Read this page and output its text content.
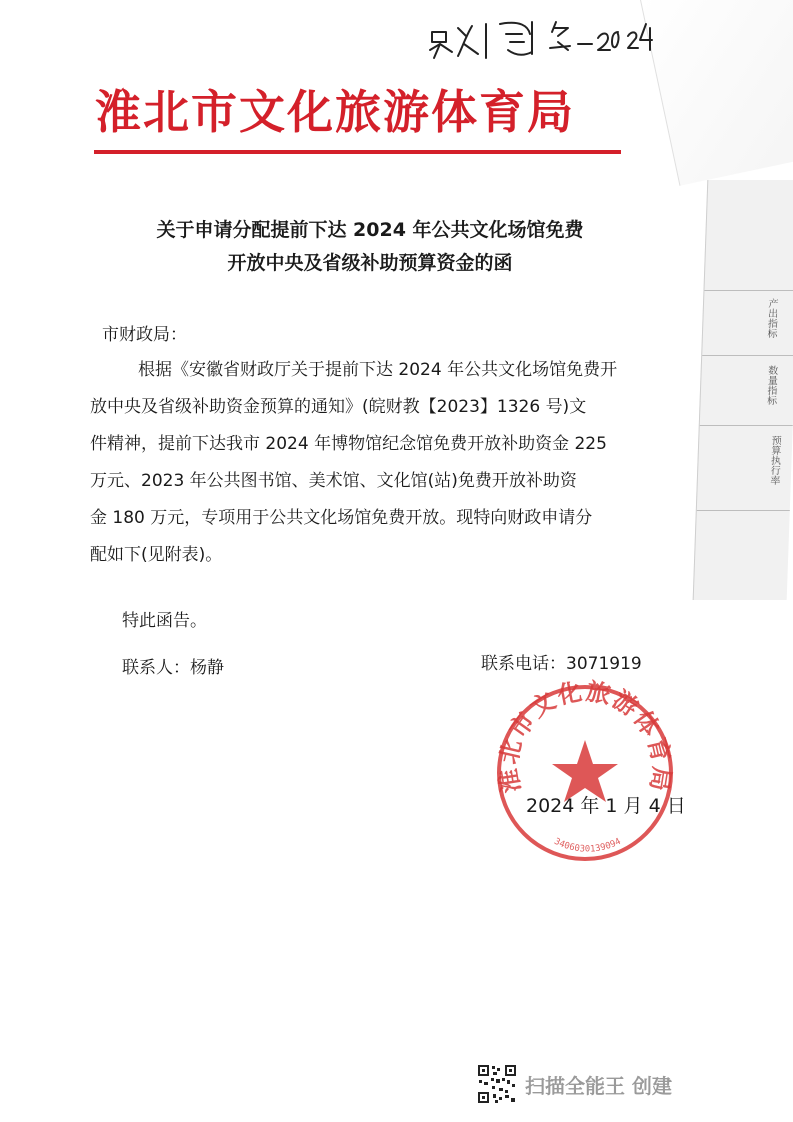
产出指标
数量指标
预算执行率
淮北市文化旅游体育局
关于申请分配提前下达 2024 年公共文化场馆免费
开放中央及省级补助预算资金的函
市财政局：
根据《安徽省财政厅关于提前下达 2024 年公共文化场馆免费开
放中央及省级补助资金预算的通知》(皖财教【2023】1326 号)文
件精神，提前下达我市 2024 年博物馆纪念馆免费开放补助资金 225
万元、2023 年公共图书馆、美术馆、文化馆(站)免费开放补助资
金 180 万元，专项用于公共文化场馆免费开放。现特向财政申请分
配如下(见附表)。
特此函告。
联系人：杨静	联系电话：3071919
淮北市文化旅游体育局
3406030139094
2024 年 1 月 4 日
扫描全能王 创建
